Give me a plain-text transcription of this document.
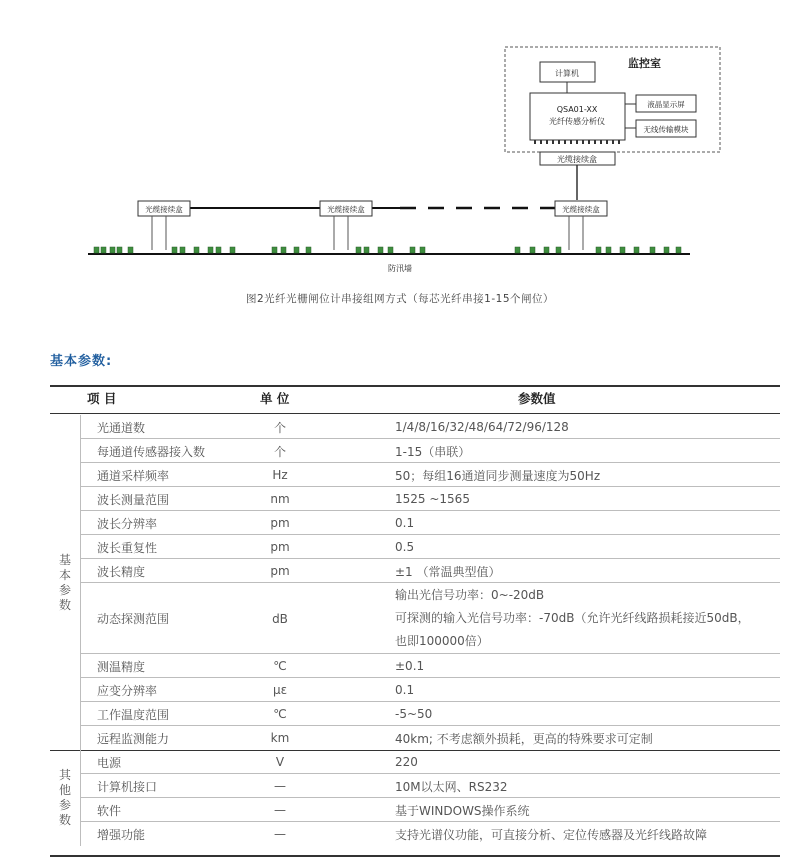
监控室
计算机
QSA01-XX
光纤传感分析仪
液晶显示屏
无线传输模块
光缆接续盒
光缆接续盒	光缆接续盒	光缆接续盒
防汛墙
图2光纤光栅闸位计串接组网方式（每芯光纤串接1-15个闸位）
基本参数:
项 目	单 位	参数值
光通道数	个	1/4/8/16/32/48/64/72/96/128
每通道传感器接入数	个	1-15（串联）
通道采样频率	Hz	50；每组16通道同步测量速度为50Hz
波长测量范围	nm	1525 ~1565
波长分辨率	pm	0.1
波长重复性	pm	0.5
波长精度	pm	±1 （常温典型值）
动态探测范围	dB
输出光信号功率：0~-20dB
可探测的输入光信号功率：-70dB（允许光纤线路损耗接近50dB，
也即100000倍）
测温精度	℃	±0.1
应变分辨率	με	0.1
工作温度范围	℃	-5~50
远程监测能力	km	40km; 不考虑额外损耗，更高的特殊要求可定制
基
本
参
数
电源	V	220
计算机接口	—	10M以太网、RS232
软件	—	基于WINDOWS操作系统
增强功能	—	支持光谱仪功能，可直接分析、定位传感器及光纤线路故障
其
他
参
数
